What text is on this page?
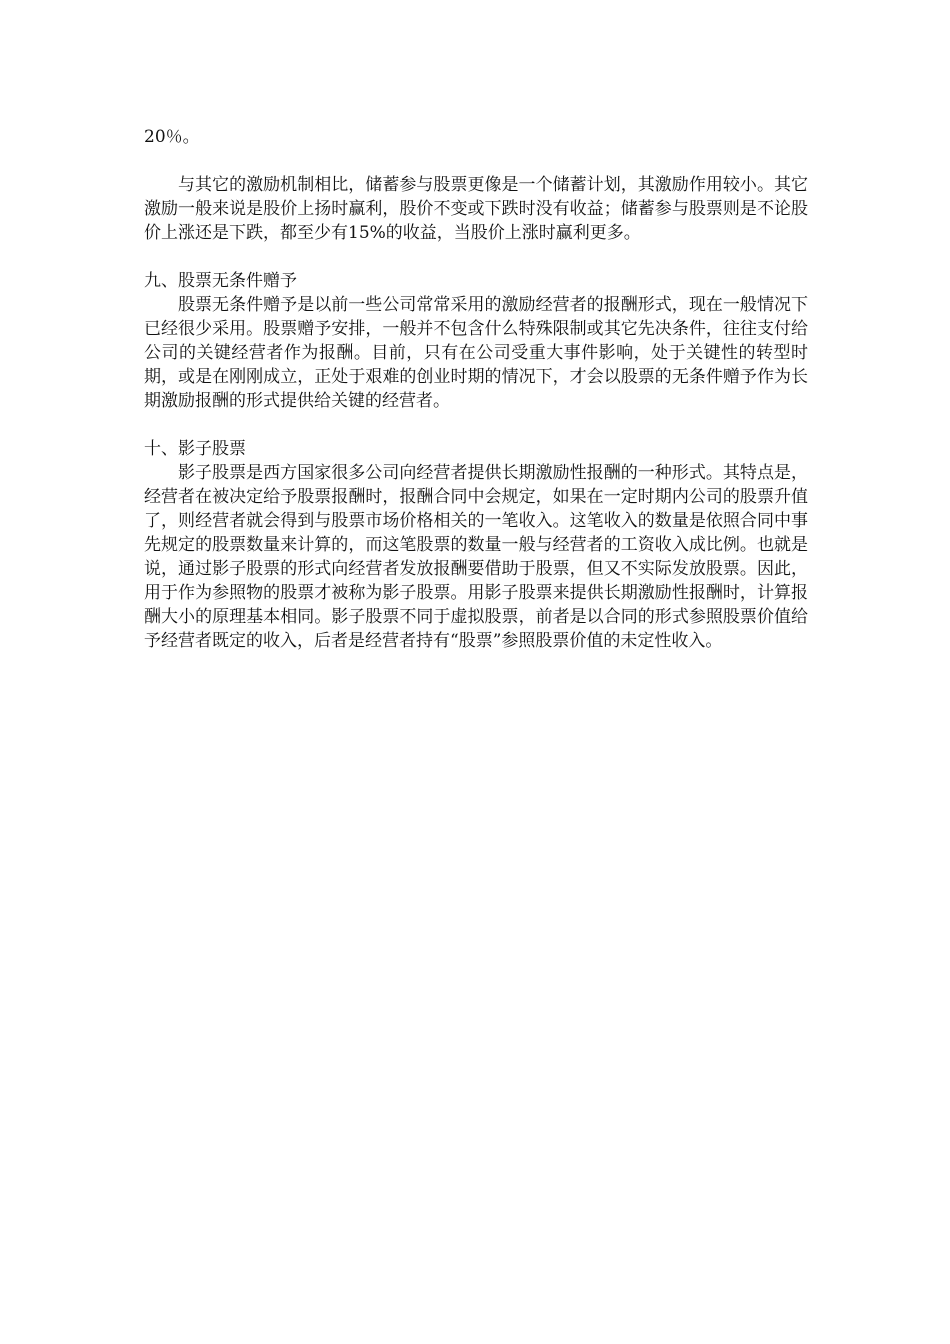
20％。

与其它的激励机制相比，储蓄参与股票更像是一个储蓄计划，其激励作用较小。其它激励一般来说是股价上扬时赢利，股价不变或下跌时没有收益；储蓄参与股票则是不论股价上涨还是下跌，都至少有15%的收益，当股价上涨时赢利更多。

九、股票无条件赠予

股票无条件赠予是以前一些公司常常采用的激励经营者的报酬形式，现在一般情况下已经很少采用。股票赠予安排，一般并不包含什么特殊限制或其它先决条件，往往支付给公司的关键经营者作为报酬。目前，只有在公司受重大事件影响，处于关键性的转型时期，或是在刚刚成立，正处于艰难的创业时期的情况下，才会以股票的无条件赠予作为长期激励报酬的形式提供给关键的经营者。

十、影子股票

影子股票是西方国家很多公司向经营者提供长期激励性报酬的一种形式。其特点是，经营者在被决定给予股票报酬时，报酬合同中会规定，如果在一定时期内公司的股票升值了，则经营者就会得到与股票市场价格相关的一笔收入。这笔收入的数量是依照合同中事先规定的股票数量来计算的，而这笔股票的数量一般与经营者的工资收入成比例。也就是说，通过影子股票的形式向经营者发放报酬要借助于股票，但又不实际发放股票。因此，用于作为参照物的股票才被称为影子股票。用影子股票来提供长期激励性报酬时，计算报酬大小的原理基本相同。影子股票不同于虚拟股票，前者是以合同的形式参照股票价值给予经营者既定的收入，后者是经营者持有“股票”参照股票价值的未定性收入。
